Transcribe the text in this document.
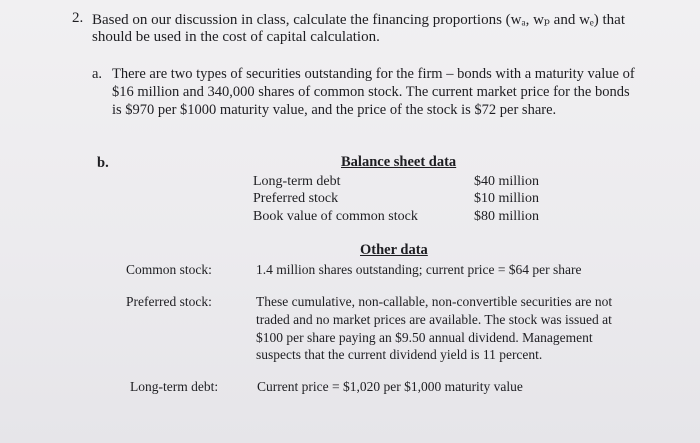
2. Based on our discussion in class, calculate the financing proportions (wₐ, wₚ and wₑ) that
should be used in the cost of capital calculation.
a. There are two types of securities outstanding for the firm – bonds with a maturity value of
$16 million and 340,000 shares of common stock. The current market price for the bonds
is $970 per $1000 maturity value, and the price of the stock is $72 per share.
b.	Balance sheet data
Long-term debt	$40 million
Preferred stock	$10 million
Book value of common stock	$80 million
Other data
Common stock:	1.4 million shares outstanding; current price = $64 per share
Preferred stock:	These cumulative, non-callable, non-convertible securities are not
traded and no market prices are available. The stock was issued at
$100 per share paying an $9.50 annual dividend. Management
suspects that the current dividend yield is 11 percent.
Long-term debt:	Current price = $1,020 per $1,000 maturity value
